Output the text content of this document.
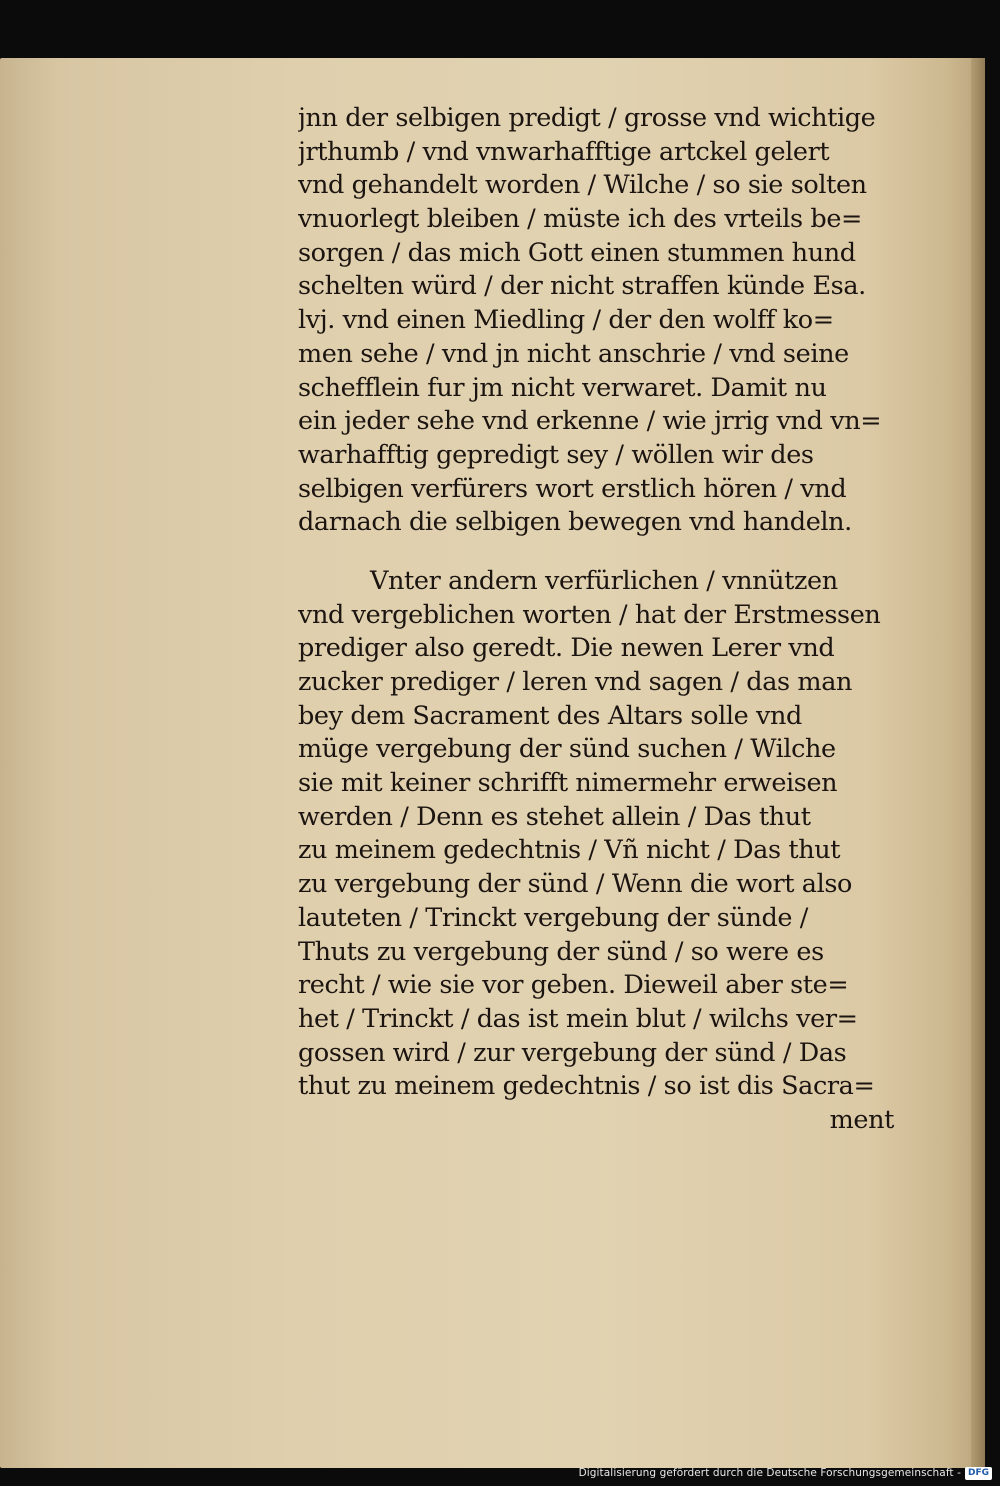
jnn der selbigen predigt / grosse vnd wichtige
jrthumb / vnd vnwarhafftige artckel gelert
vnd gehandelt worden / Wilche / so sie solten
vnuorlegt bleiben / müste ich des vrteils be=
sorgen / das mich Gott einen stummen hund
schelten würd / der nicht straffen künde Esa.
lvj. vnd einen Miedling / der den wolff ko=
men sehe / vnd jn nicht anschrie / vnd seine
schefflein fur jm nicht verwaret. Damit nu
ein jeder sehe vnd erkenne / wie jrrig vnd vn=
warhafftig gepredigt sey / wöllen wir des
selbigen verfürers wort erstlich hören / vnd
darnach die selbigen bewegen vnd handeln.
Vnter andern verfürlichen / vnnützen
vnd vergeblichen worten / hat der Erstmessen
prediger also geredt. Die newen Lerer vnd
zucker prediger / leren vnd sagen / das man
bey dem Sacrament des Altars solle vnd
müge vergebung der sünd suchen / Wilche
sie mit keiner schrifft nimermehr erweisen
werden / Denn es stehet allein / Das thut
zu meinem gedechtnis / Vñ nicht / Das thut
zu vergebung der sünd / Wenn die wort also
lauteten / Trinckt vergebung der sünde /
Thuts zu vergebung der sünd / so were es
recht / wie sie vor geben. Dieweil aber ste=
het / Trinckt / das ist mein blut / wilchs ver=
gossen wird / zur vergebung der sünd / Das
thut zu meinem gedechtnis / so ist dis Sacra=
ment
Digitalisierung gefördert durch die Deutsche Forschungsgemeinschaft - DFG
